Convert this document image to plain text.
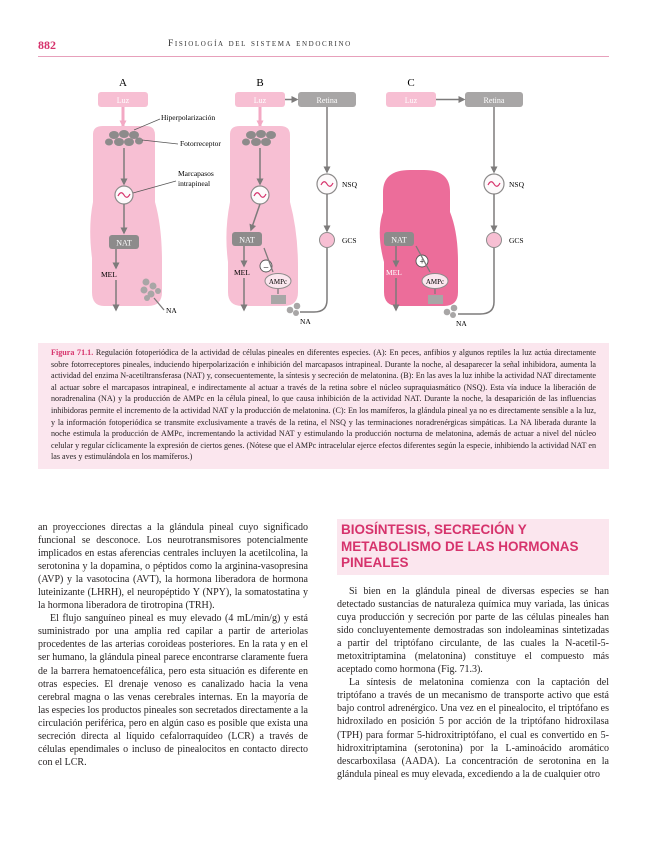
882	Fisiología del sistema endocrino
A
Luz
NAT
MEL
NA
Hiperpolarización
Fotorreceptor
Marcapasos
intrapineal
B
Luz	Retina
NAT
MEL
–
AMPc
NA
NSQ
GCS
C
Luz	Retina
NAT
MEL
+
AMPc
NA
NSQ
GCS
Figura 71.1. Regulación fotoperiódica de la actividad de células pineales en diferentes especies. (A): En peces, anfibios y algunos reptiles la luz actúa directamente sobre fotorreceptores pineales, induciendo hiperpolarización e inhibición del marcapasos intrapineal. Durante la noche, al desaparecer la señal inhibidora, aumenta la actividad del enzima N-acetiltransferasa (NAT) y, consecuentemente, la síntesis y secreción de melatonina. (B): En las aves la luz inhibe la actividad NAT directamente al actuar sobre el marcapasos intrapineal, e indirectamente al actuar a través de la retina sobre el núcleo supraquiasmático (NSQ). Esta vía induce la liberación de noradrenalina (NA) y la producción de AMPc en la célula pineal, lo que causa inhibición de la actividad NAT. Durante la noche, la desaparición de las influencias inhibidoras permite el incremento de la actividad NAT y la producción de melatonina. (C): En los mamíferos, la glándula pineal ya no es directamente sensible a la luz, y la información fotoperiódica se transmite exclusivamente a través de la retina, el NSQ y las terminaciones noradrenérgicas simpáticas. La NA liberada durante la noche estimula la producción de AMPc, incrementando la actividad NAT y estimulando la producción nocturna de melatonina, además de actuar a nivel del núcleo celular y regular cíclicamente la expresión de ciertos genes. (Nótese que el AMPc intracelular ejerce efectos diferentes según la especie, inhibiendo la actividad NAT en las aves y estimulándola en los mamíferos.)

an proyecciones directas a la glándula pineal cuyo significado funcional se desconoce. Los neurotransmisores potencialmente implicados en estas aferencias centrales incluyen la acetilcolina, la serotonina y la dopamina, o péptidos como la arginina-vasopresina (AVP) y la vasotocina (AVT), la hormona liberadora de hormona luteinizante (LHRH), el neuropéptido Y (NPY), la somatostatina y la hormona liberadora de tirotropina (TRH).

El flujo sanguíneo pineal es muy elevado (4 mL/min/g) y está suministrado por una amplia red capilar a partir de arteriolas procedentes de las arterias coroideas posteriores. En la rata y en el ser humano, la glándula pineal parece encontrarse claramente fuera de la barrera hematoencefálica, pero esta situación es diferente en otras especies. El drenaje venoso es canalizado hacia la vena cerebral magna o las venas cerebrales internas. En la mayoría de las especies los productos pineales son secretados directamente a la circulación periférica, pero en algún caso es posible que exista una secreción directa al líquido cefalorraquídeo (LCR) a través de células ependimales o incluso de pinealocitos en contacto directo con el LCR.

BIOSÍNTESIS, SECRECIÓN Y METABOLISMO DE LAS HORMONAS PINEALES

Si bien en la glándula pineal de diversas especies se han detectado sustancias de naturaleza química muy variada, las únicas cuya producción y secreción por parte de las células pineales han sido concluyentemente demostradas son indoleaminas sintetizadas a partir del triptófano circulante, de las cuales la N-acetil-5-metoxitriptamina (melatonina) constituye el compuesto más aceptado como hormona (Fig. 71.3).

La síntesis de melatonina comienza con la captación del triptófano a través de un mecanismo de transporte activo que está bajo control adrenérgico. Una vez en el pinealocito, el triptófano es hidroxilado en posición 5 por acción de la triptófano hidroxilasa (TPH) para formar 5-hidroxitriptófano, el cual es convertido en 5-hidroxitriptamina (serotonina) por la L-aminoácido aromático descarboxilasa (AADA). La concentración de serotonina en la glándula pineal es muy elevada, excediendo a la de cualquier otro
